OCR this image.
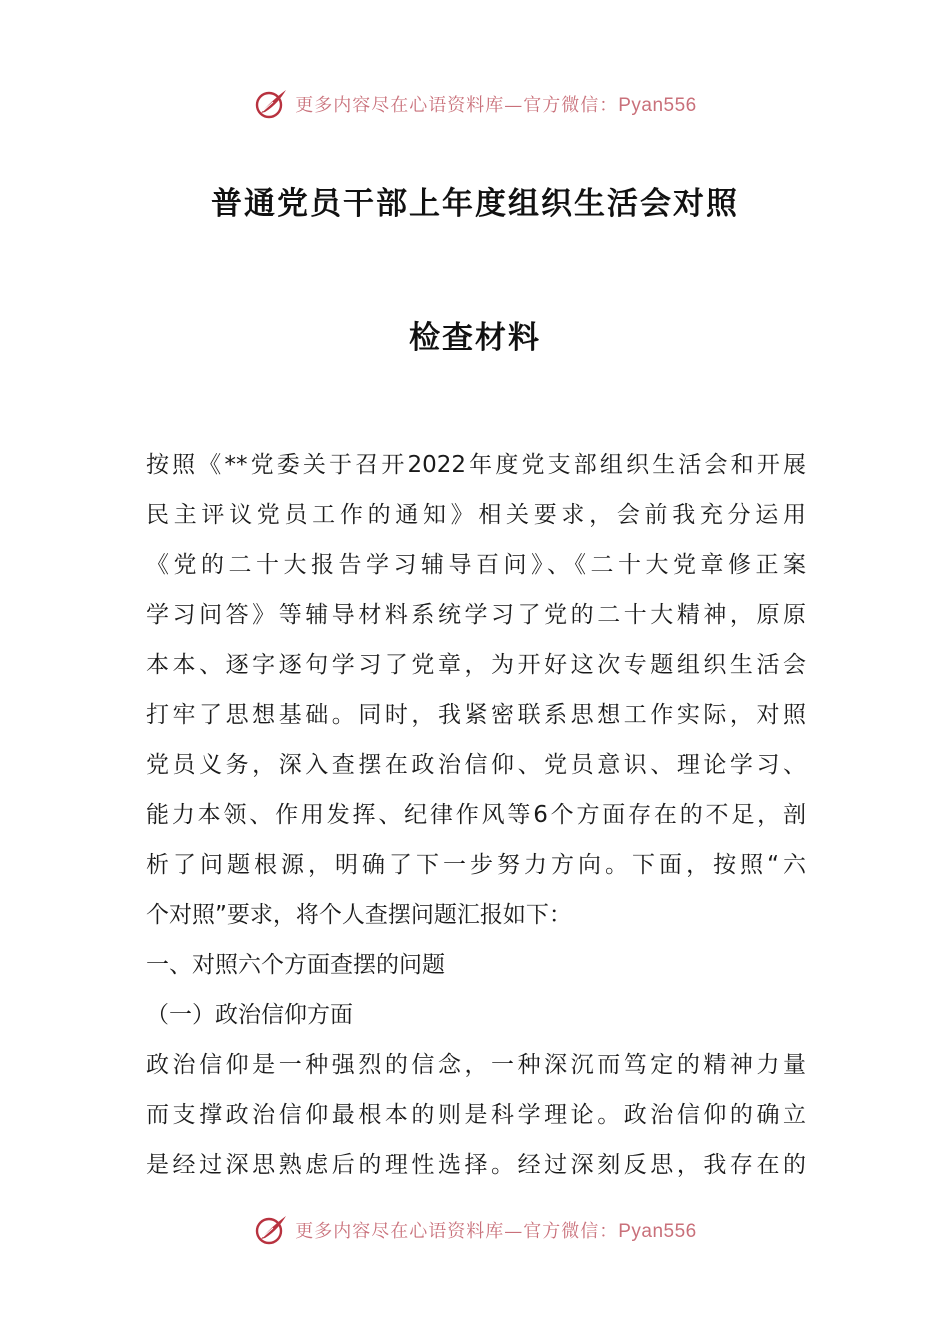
更多内容尽在心语资料库—官方微信：Pyan556
普通党员干部上年度组织生活会对照
检查材料
按照《**党委关于召开2022年度党支部组织生活会和开展
民主评议党员工作的通知》相关要求，会前我充分运用
《党的二十大报告学习辅导百问》、《二十大党章修正案
学习问答》等辅导材料系统学习了党的二十大精神，原原
本本、逐字逐句学习了党章，为开好这次专题组织生活会
打牢了思想基础。同时，我紧密联系思想工作实际，对照
党员义务，深入查摆在政治信仰、党员意识、理论学习、
能力本领、作用发挥、纪律作风等6个方面存在的不足，剖
析了问题根源，明确了下一步努力方向。下面，按照“六
个对照”要求，将个人查摆问题汇报如下：
一、对照六个方面查摆的问题
（一）政治信仰方面
政治信仰是一种强烈的信念，一种深沉而笃定的精神力量
而支撑政治信仰最根本的则是科学理论。政治信仰的确立
是经过深思熟虑后的理性选择。经过深刻反思，我存在的
更多内容尽在心语资料库—官方微信：Pyan556
